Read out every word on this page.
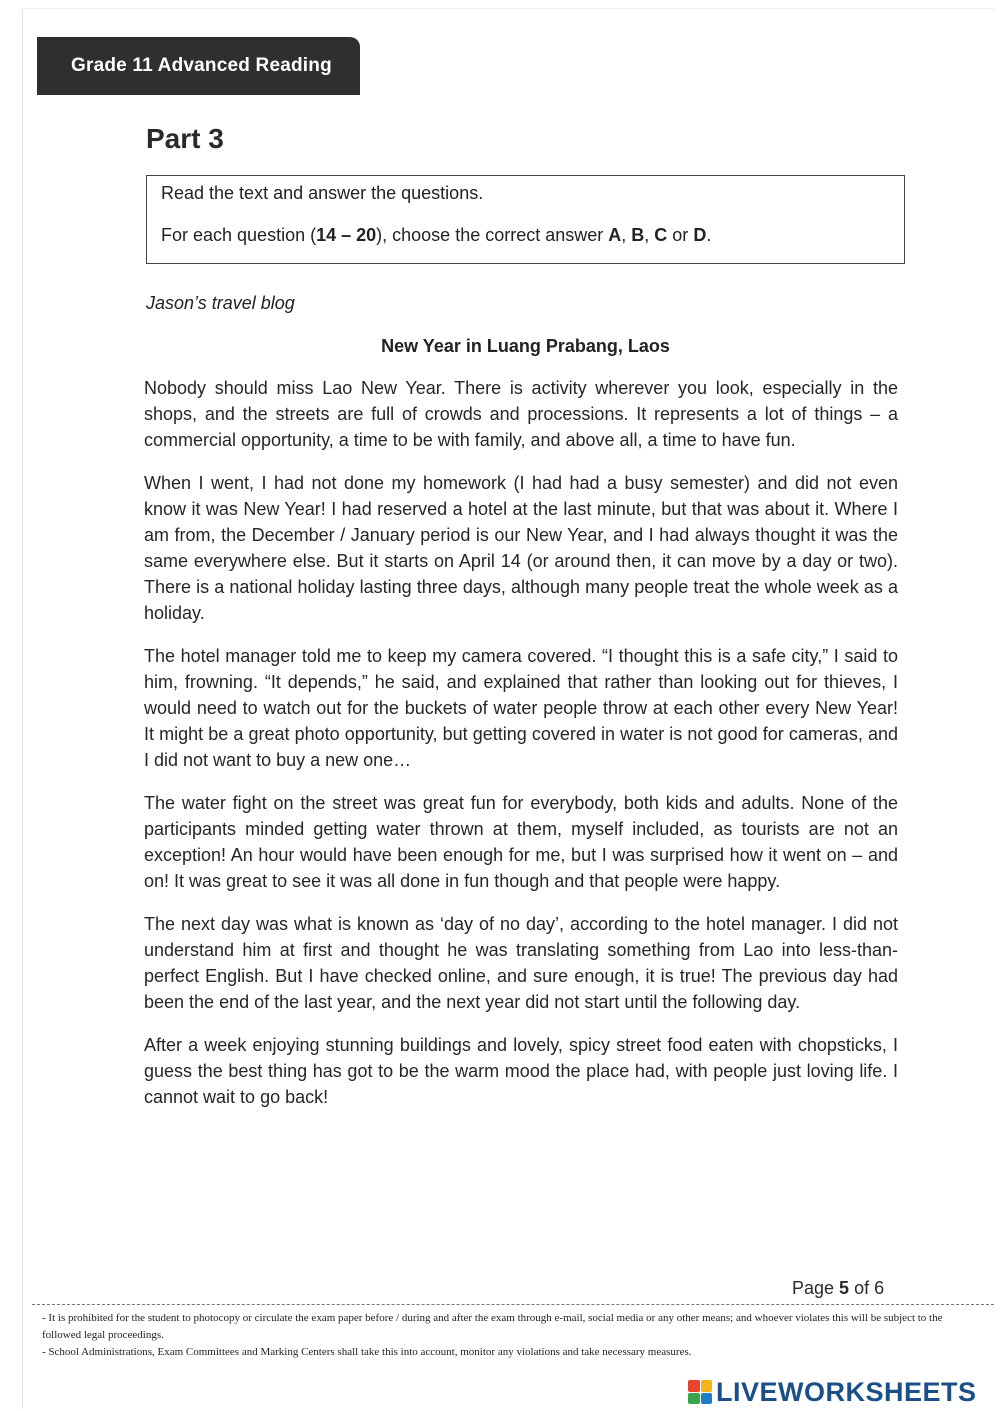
Grade 11 Advanced Reading
Part 3

Read the text and answer the questions.

For each question (14 – 20), choose the correct answer A, B, C or D.

Jason’s travel blog
New Year in Luang Prabang, Laos

Nobody should miss Lao New Year. There is activity wherever you look, especially in the shops, and the streets are full of crowds and processions. It represents a lot of things – a commercial opportunity, a time to be with family, and above all, a time to have fun.

When I went, I had not done my homework (I had had a busy semester) and did not even know it was New Year! I had reserved a hotel at the last minute, but that was about it. Where I am from, the December / January period is our New Year, and I had always thought it was the same everywhere else. But it starts on April 14 (or around then, it can move by a day or two). There is a national holiday lasting three days, although many people treat the whole week as a holiday.

The hotel manager told me to keep my camera covered. “I thought this is a safe city,” I said to him, frowning. “It depends,” he said, and explained that rather than looking out for thieves, I would need to watch out for the buckets of water people throw at each other every New Year! It might be a great photo opportunity, but getting covered in water is not good for cameras, and I did not want to buy a new one…

The water fight on the street was great fun for everybody, both kids and adults. None of the participants minded getting water thrown at them, myself included, as tourists are not an exception! An hour would have been enough for me, but I was surprised how it went on – and on! It was great to see it was all done in fun though and that people were happy.

The next day was what is known as ‘day of no day’, according to the hotel manager. I did not understand him at first and thought he was translating something from Lao into less-than-perfect English. But I have checked online, and sure enough, it is true! The previous day had been the end of the last year, and the next year did not start until the following day.

After a week enjoying stunning buildings and lovely, spicy street food eaten with chopsticks, I guess the best thing has got to be the warm mood the place had, with people just loving life. I cannot wait to go back!

Page 5 of 6

- It is prohibited for the student to photocopy or circulate the exam paper before / during and after the exam through e-mail, social media or any other means; and whoever violates this will be subject to the followed legal proceedings.

- School Administrations, Exam Committees and Marking Centers shall take this into account, monitor any violations and take necessary measures.

LIVEWORKSHEETS
